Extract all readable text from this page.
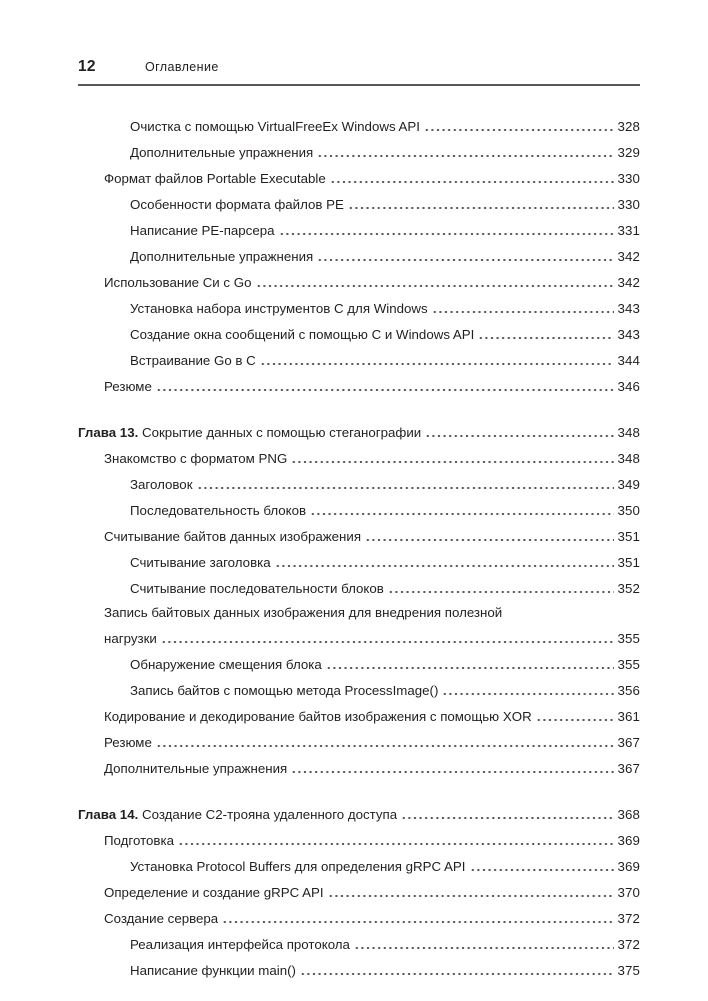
12	Оглавление
Очистка с помощью VirtualFreeEx Windows API	328
Дополнительные упражнения	329
Формат файлов Portable Executable	330
Особенности формата файлов PE	330
Написание PE-парсера	331
Дополнительные упражнения	342
Использование Си с Go	342
Установка набора инструментов C для Windows	343
Создание окна сообщений с помощью C и Windows API	343
Встраивание Go в C	344
Резюме	346
Глава 13. Сокрытие данных с помощью стеганографии	348
Знакомство с форматом PNG	348
Заголовок	349
Последовательность блоков	350
Считывание байтов данных изображения	351
Считывание заголовка	351
Считывание последовательности блоков	352
Запись байтовых данных изображения для внедрения полезной
нагрузки	355
Обнаружение смещения блока	355
Запись байтов с помощью метода ProcessImage()	356
Кодирование и декодирование байтов изображения с помощью XOR	361
Резюме	367
Дополнительные упражнения	367
Глава 14. Создание C2-трояна удаленного доступа	368
Подготовка	369
Установка Protocol Buffers для определения gRPC API	369
Определение и создание gRPC API	370
Создание сервера	372
Реализация интерфейса протокола	372
Написание функции main()	375
